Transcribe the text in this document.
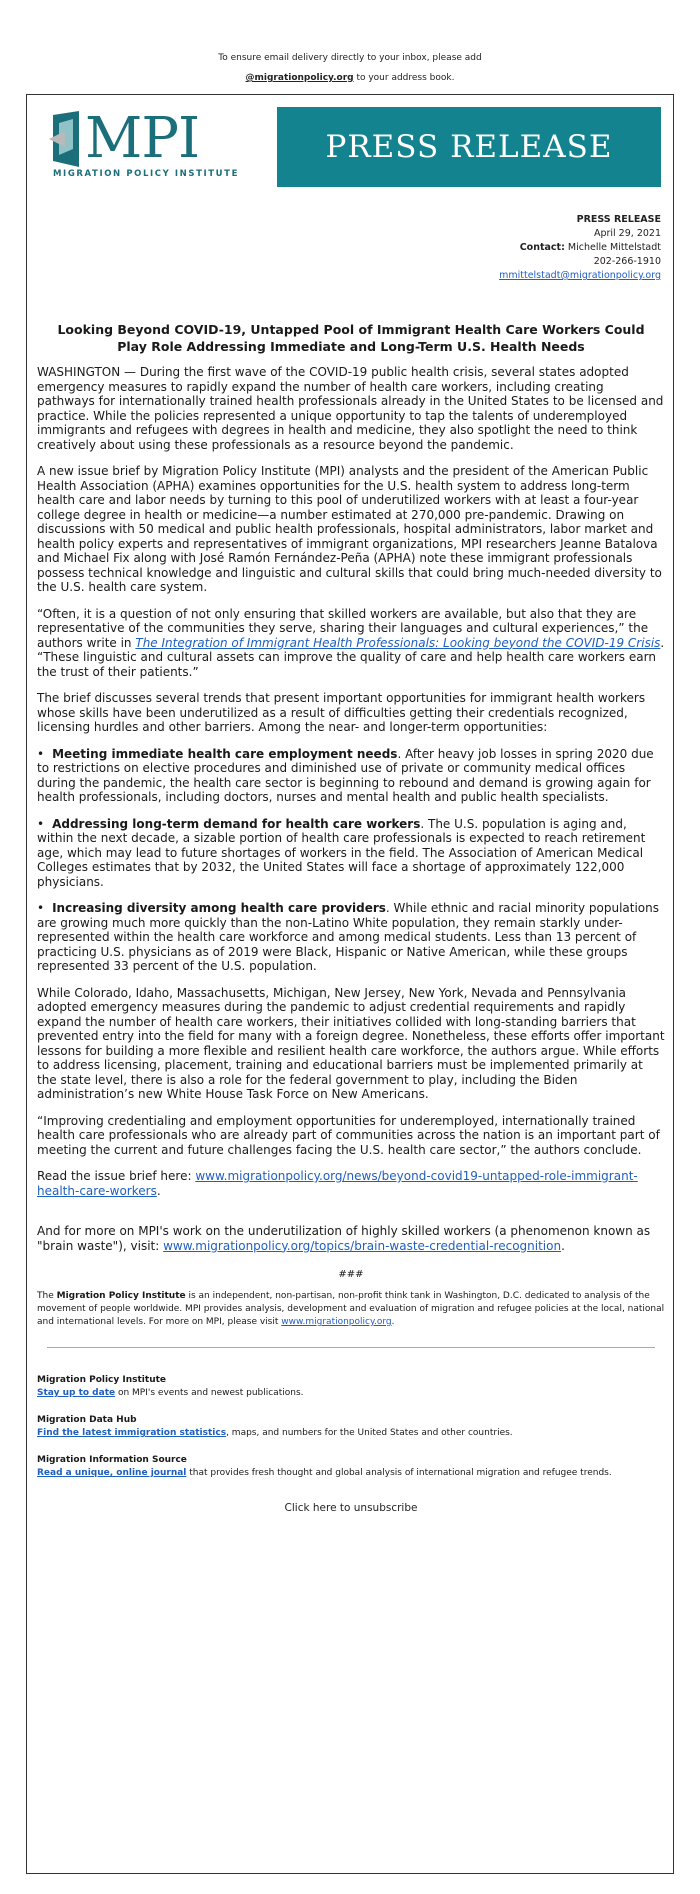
To ensure email delivery directly to your inbox, please add
@migrationpolicy.org to your address book.
MPI
MIGRATION POLICY INSTITUTE
PRESS RELEASE
PRESS RELEASE
April 29, 2021
Contact: Michelle Mittelstadt
202-266-1910
mmittelstadt@migrationpolicy.org
Looking Beyond COVID-19, Untapped Pool of Immigrant Health Care Workers Could Play Role Addressing Immediate and Long-Term U.S. Health Needs

WASHINGTON — During the first wave of the COVID-19 public health crisis, several states adopted emergency measures to rapidly expand the number of health care workers, including creating pathways for internationally trained health professionals already in the United States to be licensed and practice. While the policies represented a unique opportunity to tap the talents of underemployed immigrants and refugees with degrees in health and medicine, they also spotlight the need to think creatively about using these professionals as a resource beyond the pandemic.

A new issue brief by Migration Policy Institute (MPI) analysts and the president of the American Public Health Association (APHA) examines opportunities for the U.S. health system to address long-term health care and labor needs by turning to this pool of underutilized workers with at least a four-year college degree in health or medicine—a number estimated at 270,000 pre-pandemic. Drawing on discussions with 50 medical and public health professionals, hospital administrators, labor market and health policy experts and representatives of immigrant organizations, MPI researchers Jeanne Batalova and Michael Fix along with José Ramón Fernández-Peña (APHA) note these immigrant professionals possess technical knowledge and linguistic and cultural skills that could bring much-needed diversity to the U.S. health care system.

“Often, it is a question of not only ensuring that skilled workers are available, but also that they are representative of the communities they serve, sharing their languages and cultural experiences,” the authors write in The Integration of Immigrant Health Professionals: Looking beyond the COVID-19 Crisis. “These linguistic and cultural assets can improve the quality of care and help health care workers earn the trust of their patients.”

The brief discusses several trends that present important opportunities for immigrant health workers whose skills have been underutilized as a result of difficulties getting their credentials recognized, licensing hurdles and other barriers. Among the near- and longer-term opportunities:

• Meeting immediate health care employment needs. After heavy job losses in spring 2020 due to restrictions on elective procedures and diminished use of private or community medical offices during the pandemic, the health care sector is beginning to rebound and demand is growing again for health professionals, including doctors, nurses and mental health and public health specialists.

• Addressing long-term demand for health care workers. The U.S. population is aging and, within the next decade, a sizable portion of health care professionals is expected to reach retirement age, which may lead to future shortages of workers in the field. The Association of American Medical Colleges estimates that by 2032, the United States will face a shortage of approximately 122,000 physicians.

• Increasing diversity among health care providers. While ethnic and racial minority populations are growing much more quickly than the non-Latino White population, they remain starkly under-represented within the health care workforce and among medical students. Less than 13 percent of practicing U.S. physicians as of 2019 were Black, Hispanic or Native American, while these groups represented 33 percent of the U.S. population.

While Colorado, Idaho, Massachusetts, Michigan, New Jersey, New York, Nevada and Pennsylvania adopted emergency measures during the pandemic to adjust credential requirements and rapidly expand the number of health care workers, their initiatives collided with long-standing barriers that prevented entry into the field for many with a foreign degree. Nonetheless, these efforts offer important lessons for building a more flexible and resilient health care workforce, the authors argue. While efforts to address licensing, placement, training and educational barriers must be implemented primarily at the state level, there is also a role for the federal government to play, including the Biden administration’s new White House Task Force on New Americans.

“Improving credentialing and employment opportunities for underemployed, internationally trained health care professionals who are already part of communities across the nation is an important part of meeting the current and future challenges facing the U.S. health care sector,” the authors conclude.

Read the issue brief here: www.migrationpolicy.org/news/beyond-covid19-untapped-role-immigrant-health-care-workers.

And for more on MPI's work on the underutilization of highly skilled workers (a phenomenon known as "brain waste"), visit: www.migrationpolicy.org/topics/brain-waste-credential-recognition.

###
The Migration Policy Institute is an independent, non-partisan, non-profit think tank in Washington, D.C. dedicated to analysis of the movement of people worldwide. MPI provides analysis, development and evaluation of migration and refugee policies at the local, national and international levels. For more on MPI, please visit www.migrationpolicy.org.
Migration Policy Institute
Stay up to date on MPI's events and newest publications.
Migration Data Hub
Find the latest immigration statistics, maps, and numbers for the United States and other countries.
Migration Information Source
Read a unique, online journal that provides fresh thought and global analysis of international migration and refugee trends.
Click here to unsubscribe
